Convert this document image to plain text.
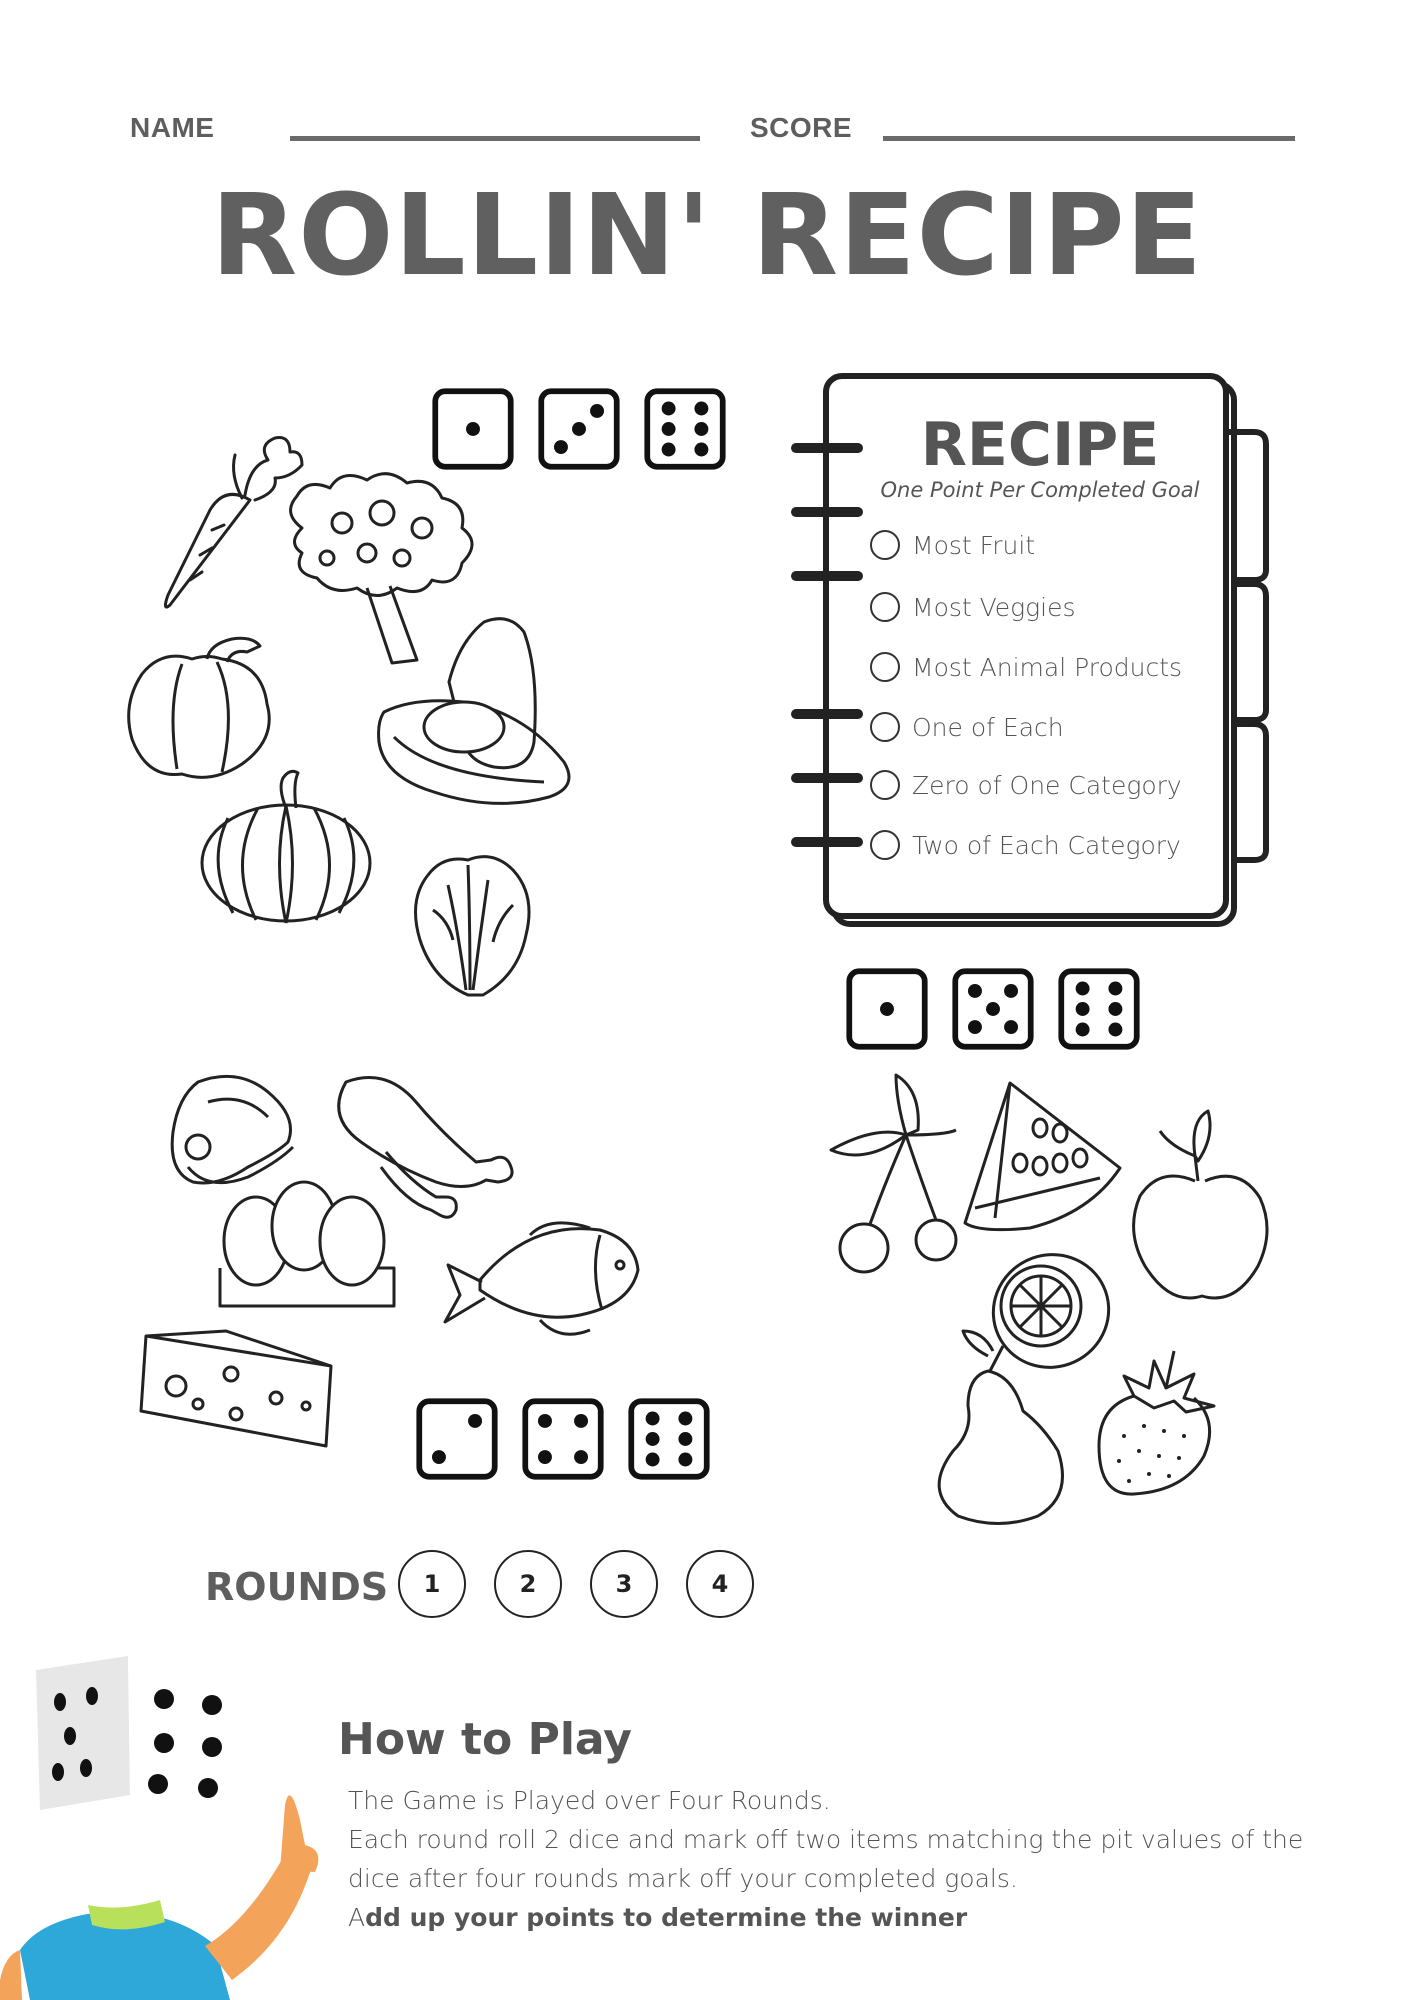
NAME	SCORE
ROLLIN' RECIPE
RECIPE
One Point Per Completed Goal
Most Fruit
Most Veggies
Most Animal Products
One of Each
Zero of One Category
Two of Each Category
ROUNDS	1	2	3	4
How to Play
The Game is Played over Four Rounds.
Each round roll 2 dice and mark off two items matching the pit values of the
dice after four rounds mark off your completed goals.
Add up your points to determine the winner
